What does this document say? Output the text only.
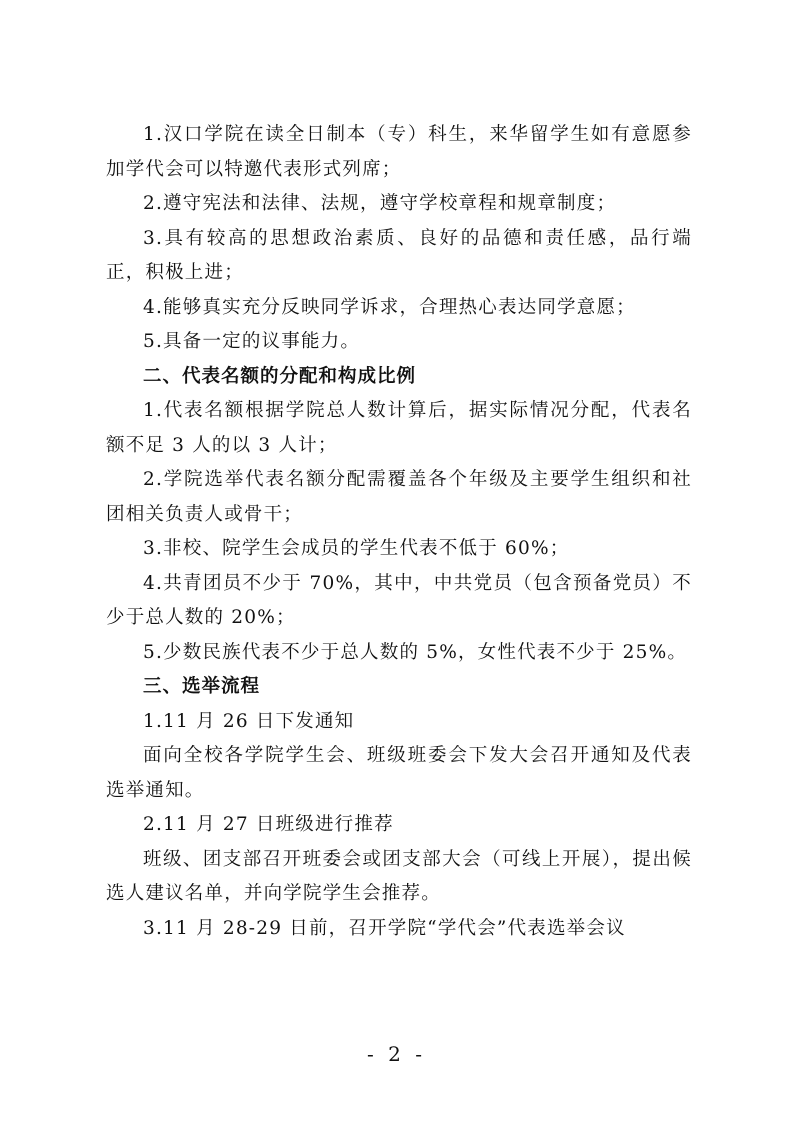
1.汉口学院在读全日制本（专）科生，来华留学生如有意愿参加学代会可以特邀代表形式列席；

2.遵守宪法和法律、法规，遵守学校章程和规章制度；

3.具有较高的思想政治素质、良好的品德和责任感，品行端正，积极上进；

4.能够真实充分反映同学诉求，合理热心表达同学意愿；

5.具备一定的议事能力。

二、代表名额的分配和构成比例

1.代表名额根据学院总人数计算后，据实际情况分配，代表名额不足 3 人的以 3 人计；

2.学院选举代表名额分配需覆盖各个年级及主要学生组织和社团相关负责人或骨干；

3.非校、院学生会成员的学生代表不低于 60%；

4.共青团员不少于 70%，其中，中共党员（包含预备党员）不少于总人数的 20%；

5.少数民族代表不少于总人数的 5%，女性代表不少于 25%。

三、选举流程

1.11 月 26 日下发通知

面向全校各学院学生会、班级班委会下发大会召开通知及代表选举通知。

2.11 月 27 日班级进行推荐

班级、团支部召开班委会或团支部大会（可线上开展），提出候选人建议名单，并向学院学生会推荐。

3.11 月 28-29 日前，召开学院“学代会”代表选举会议

- 2 -
